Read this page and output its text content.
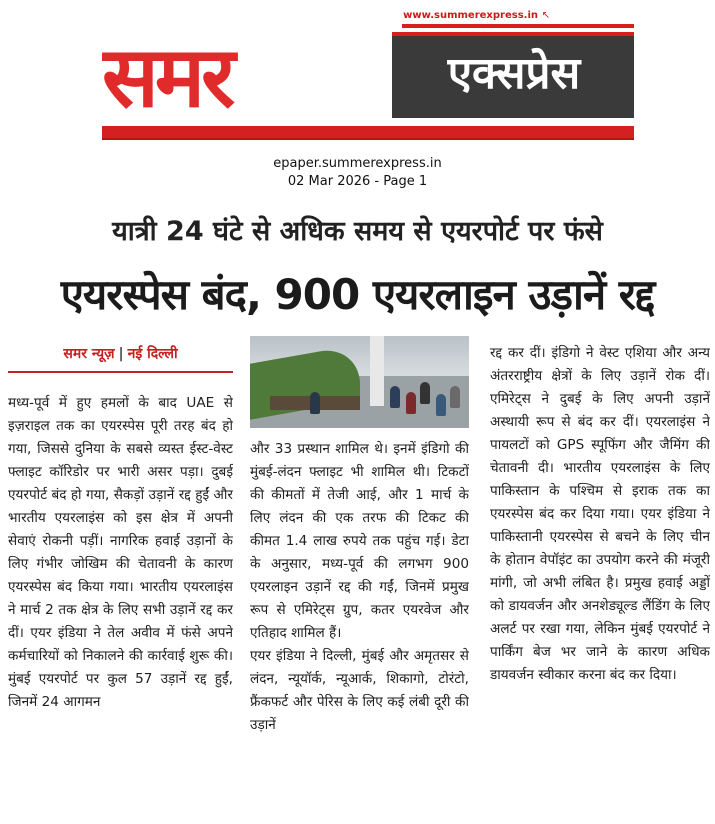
www.summerexpress.in ↖
समर	एक्सप्रेस
epaper.summerexpress.in
02 Mar 2026 - Page 1
यात्री 24 घंटे से अधिक समय से एयरपोर्ट पर फंसे
एयरस्पेस बंद, 900 एयरलाइन उड़ानें रद्द
समर न्यूज़ | नई दिल्ली

मध्य-पूर्व में हुए हमलों के बाद UAE से इज़राइल तक का एयरस्पेस पूरी तरह बंद हो गया, जिससे दुनिया के सबसे व्यस्त ईस्ट-वेस्ट फ्लाइट कॉरिडोर पर भारी असर पड़ा। दुबई एयरपोर्ट बंद हो गया, सैकड़ों उड़ानें रद्द हुईं और भारतीय एयरलाइंस को इस क्षेत्र में अपनी सेवाएं रोकनी पड़ीं। नागरिक हवाई उड़ानों के लिए गंभीर जोखिम की चेतावनी के कारण एयरस्पेस बंद किया गया। भारतीय एयरलाइंस ने मार्च 2 तक क्षेत्र के लिए सभी उड़ानें रद्द कर दीं। एयर इंडिया ने तेल अवीव में फंसे अपने कर्मचारियों को निकालने की कार्रवाई शुरू की। मुंबई एयरपोर्ट पर कुल 57 उड़ानें रद्द हुईं, जिनमें 24 आगमन

और 33 प्रस्थान शामिल थे। इनमें इंडिगो की मुंबई-लंदन फ्लाइट भी शामिल थी। टिकटों की कीमतों में तेजी आई, और 1 मार्च के लिए लंदन की एक तरफ की टिकट की कीमत 1.4 लाख रुपये तक पहुंच गई। डेटा के अनुसार, मध्य-पूर्व की लगभग 900 एयरलाइन उड़ानें रद्द की गईं, जिनमें प्रमुख रूप से एमिरेट्स ग्रुप, कतर एयरवेज और एतिहाद शामिल हैं।

एयर इंडिया ने दिल्ली, मुंबई और अमृतसर से लंदन, न्यूयॉर्क, न्यूआर्क, शिकागो, टोरंटो, फ्रैंकफर्ट और पेरिस के लिए कई लंबी दूरी की उड़ानें

रद्द कर दीं। इंडिगो ने वेस्ट एशिया और अन्य अंतरराष्ट्रीय क्षेत्रों के लिए उड़ानें रोक दीं। एमिरेट्स ने दुबई के लिए अपनी उड़ानें अस्थायी रूप से बंद कर दीं। एयरलाइंस ने पायलटों को GPS स्पूफिंग और जैमिंग की चेतावनी दी। भारतीय एयरलाइंस के लिए पाकिस्तान के पश्चिम से इराक तक का एयरस्पेस बंद कर दिया गया। एयर इंडिया ने पाकिस्तानी एयरस्पेस से बचने के लिए चीन के होतान वेपॉइंट का उपयोग करने की मंजूरी मांगी, जो अभी लंबित है। प्रमुख हवाई अड्डों को डायवर्जन और अनशेड्यूल्ड लैंडिंग के लिए अलर्ट पर रखा गया, लेकिन मुंबई एयरपोर्ट ने पार्किंग बेज भर जाने के कारण अधिक डायवर्जन स्वीकार करना बंद कर दिया।
